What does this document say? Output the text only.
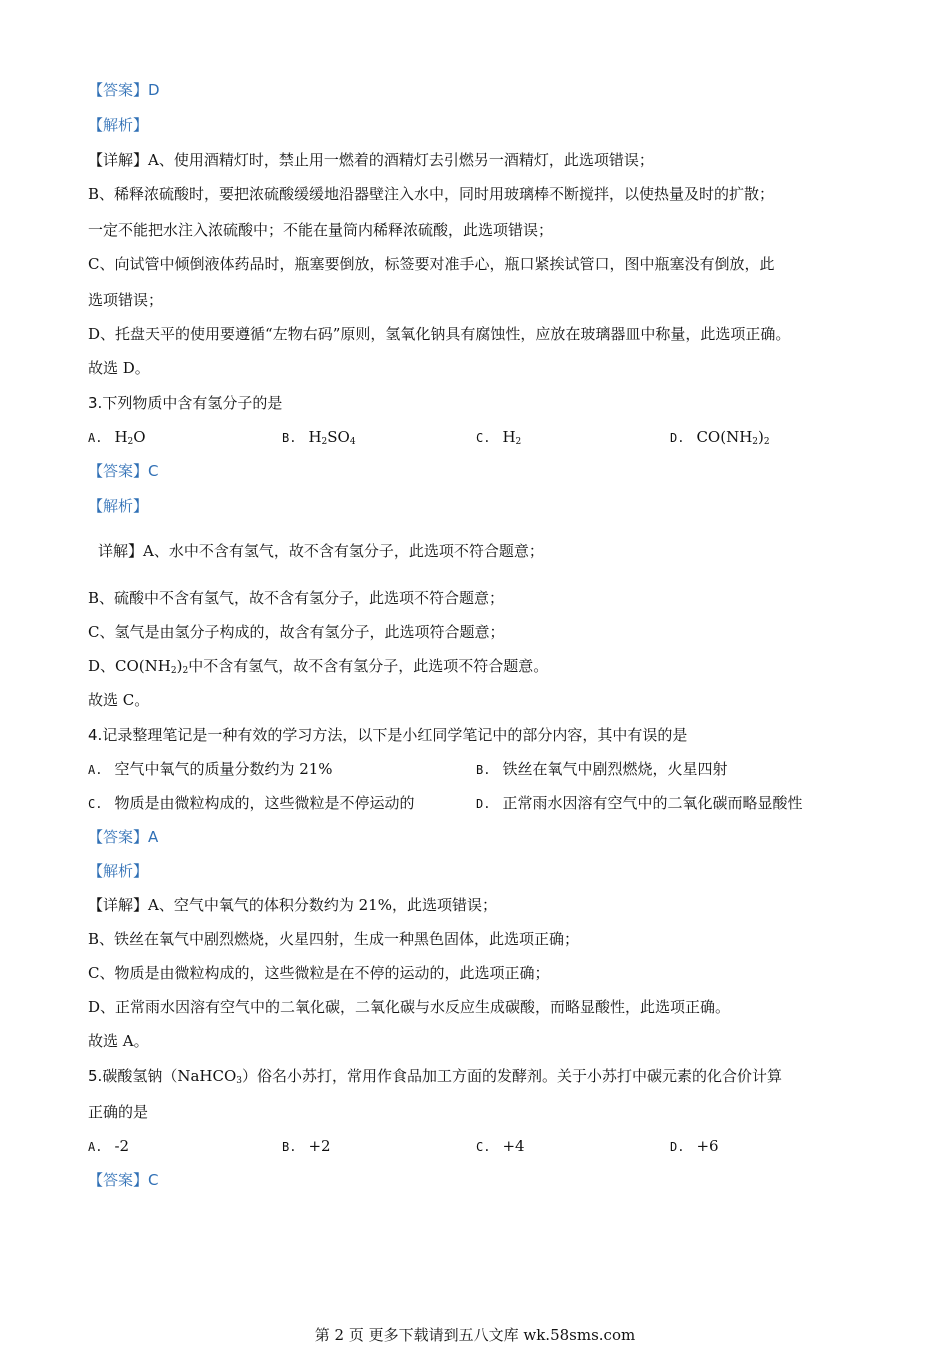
【答案】D
【解析】
【详解】A、使用酒精灯时，禁止用一燃着的酒精灯去引燃另一酒精灯，此选项错误；
B、稀释浓硫酸时，要把浓硫酸缓缓地沿器壁注入水中，同时用玻璃棒不断搅拌，以使热量及时的扩散；
一定不能把水注入浓硫酸中；不能在量筒内稀释浓硫酸，此选项错误；
C、向试管中倾倒液体药品时，瓶塞要倒放，标签要对准手心，瓶口紧挨试管口，图中瓶塞没有倒放，此
选项错误；
D、托盘天平的使用要遵循“左物右码”原则，氢氧化钠具有腐蚀性，应放在玻璃器皿中称量，此选项正确。
故选 D。
3.下列物质中含有氢分子的是
A. $H_2O$	B. $H_2SO_4$	C. $H_2$	D. $CO(NH_2)_2$
【答案】C
【解析】
详解】A、水中不含有氢气，故不含有氢分子，此选项不符合题意；
B、硫酸中不含有氢气，故不含有氢分子，此选项不符合题意；
C、氢气是由氢分子构成的，故含有氢分子，此选项符合题意；
D、$CO(NH_2)_2$中不含有氢气，故不含有氢分子，此选项不符合题意。
故选 C。
4.记录整理笔记是一种有效的学习方法，以下是小红同学笔记中的部分内容，其中有误的是
A. 空气中氧气的质量分数约为 21%	B. 铁丝在氧气中剧烈燃烧，火星四射
C. 物质是由微粒构成的，这些微粒是不停运动的	D. 正常雨水因溶有空气中的二氧化碳而略显酸性
【答案】A
【解析】
【详解】A、空气中氧气的体积分数约为 21%，此选项错误；
B、铁丝在氧气中剧烈燃烧，火星四射，生成一种黑色固体，此选项正确；
C、物质是由微粒构成的，这些微粒是在不停的运动的，此选项正确；
D、正常雨水因溶有空气中的二氧化碳，二氧化碳与水反应生成碳酸，而略显酸性，此选项正确。
故选 A。
5.碳酸氢钠（NaHCO$_3$）俗名小苏打，常用作食品加工方面的发酵剂。关于小苏打中碳元素的化合价计算
正确的是
A. -2	B. +2	C. +4	D. +6
【答案】C
第 2 页 更多下载请到五八文库 wk.58sms.com
